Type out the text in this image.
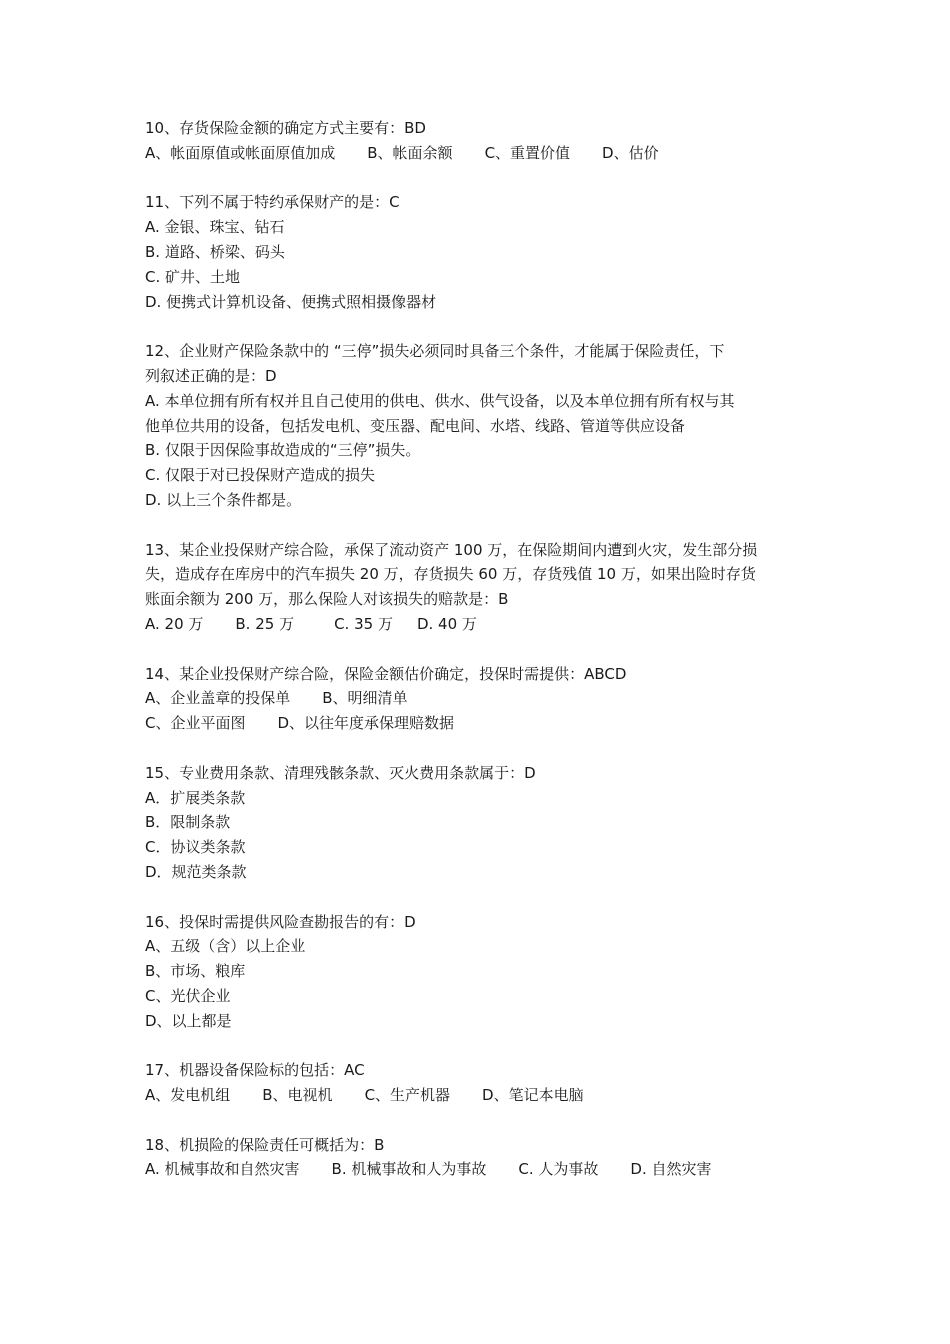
10、存货保险金额的确定方式主要有：BD
A、帐面原值或帐面原值加成 B、帐面余额 C、重置价值 D、估价
11、下列不属于特约承保财产的是：C
A. 金银、珠宝、钻石
B. 道路、桥梁、码头
C. 矿井、土地
D. 便携式计算机设备、便携式照相摄像器材
12、企业财产保险条款中的 “三停”损失必须同时具备三个条件，才能属于保险责任，下
列叙述正确的是：D
A. 本单位拥有所有权并且自己使用的供电、供水、供气设备，以及本单位拥有所有权与其
他单位共用的设备，包括发电机、变压器、配电间、水塔、线路、管道等供应设备
B. 仅限于因保险事故造成的“三停”损失。
C. 仅限于对已投保财产造成的损失
D. 以上三个条件都是。
13、某企业投保财产综合险，承保了流动资产 100 万，在保险期间内遭到火灾，发生部分损
失，造成存在库房中的汽车损失 20 万，存货损失 60 万，存货残值 10 万，如果出险时存货
账面余额为 200 万，那么保险人对该损失的赔款是：B
A. 20 万 B. 25 万	C. 35 万 D. 40 万
14、某企业投保财产综合险，保险金额估价确定，投保时需提供：ABCD
A、企业盖章的投保单 B、明细清单
C、企业平面图 D、以往年度承保理赔数据
15、专业费用条款、清理残骸条款、灭火费用条款属于：D
A．扩展类条款
B．限制条款
C．协议类条款
D．规范类条款
16、投保时需提供风险查勘报告的有：D
A、五级（含）以上企业
B、市场、粮库
C、光伏企业
D、以上都是
17、机器设备保险标的包括：AC
A、发电机组 B、电视机 C、生产机器 D、笔记本电脑
18、机损险的保险责任可概括为：B
A. 机械事故和自然灾害 B. 机械事故和人为事故 C. 人为事故 D. 自然灾害
